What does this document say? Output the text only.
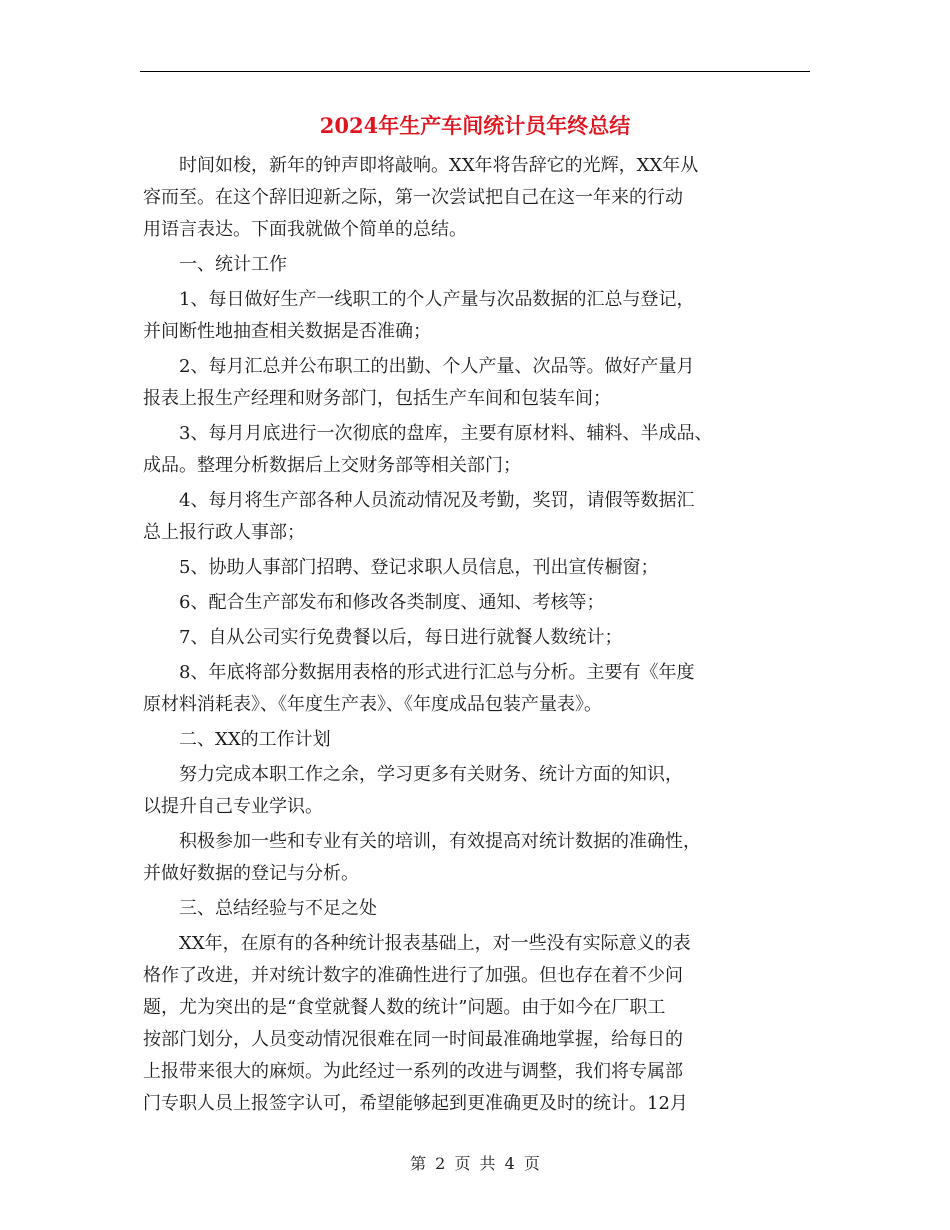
2024年生产车间统计员年终总结
　　时间如梭，新年的钟声即将敲响。XX年将告辞它的光辉，XX年从
容而至。在这个辞旧迎新之际，第一次尝试把自己在这一年来的行动
用语言表达。下面我就做个简单的总结。
　　一、统计工作
　　1、每日做好生产一线职工的个人产量与次品数据的汇总与登记，
并间断性地抽查相关数据是否准确；
　　2、每月汇总并公布职工的出勤、个人产量、次品等。做好产量月
报表上报生产经理和财务部门，包括生产车间和包装车间；
　　3、每月月底进行一次彻底的盘库，主要有原材料、辅料、半成品、
成品。整理分析数据后上交财务部等相关部门；
　　4、每月将生产部各种人员流动情况及考勤，奖罚，请假等数据汇
总上报行政人事部；
　　5、协助人事部门招聘、登记求职人员信息，刊出宣传橱窗；
　　6、配合生产部发布和修改各类制度、通知、考核等；
　　7、自从公司实行免费餐以后，每日进行就餐人数统计；
　　8、年底将部分数据用表格的形式进行汇总与分析。主要有《年度
原材料消耗表》、《年度生产表》、《年度成品包装产量表》。
　　二、XX的工作计划
　　努力完成本职工作之余，学习更多有关财务、统计方面的知识，
以提升自己专业学识。
　　积极参加一些和专业有关的培训，有效提高对统计数据的准确性，
并做好数据的登记与分析。
　　三、总结经验与不足之处
　　XX年，在原有的各种统计报表基础上，对一些没有实际意义的表
格作了改进，并对统计数字的准确性进行了加强。但也存在着不少问
题，尤为突出的是“食堂就餐人数的统计”问题。由于如今在厂职工
按部门划分，人员变动情况很难在同一时间最准确地掌握，给每日的
上报带来很大的麻烦。为此经过一系列的改进与调整，我们将专属部
门专职人员上报签字认可，希望能够起到更准确更及时的统计。12月
第 2 页 共 4 页
